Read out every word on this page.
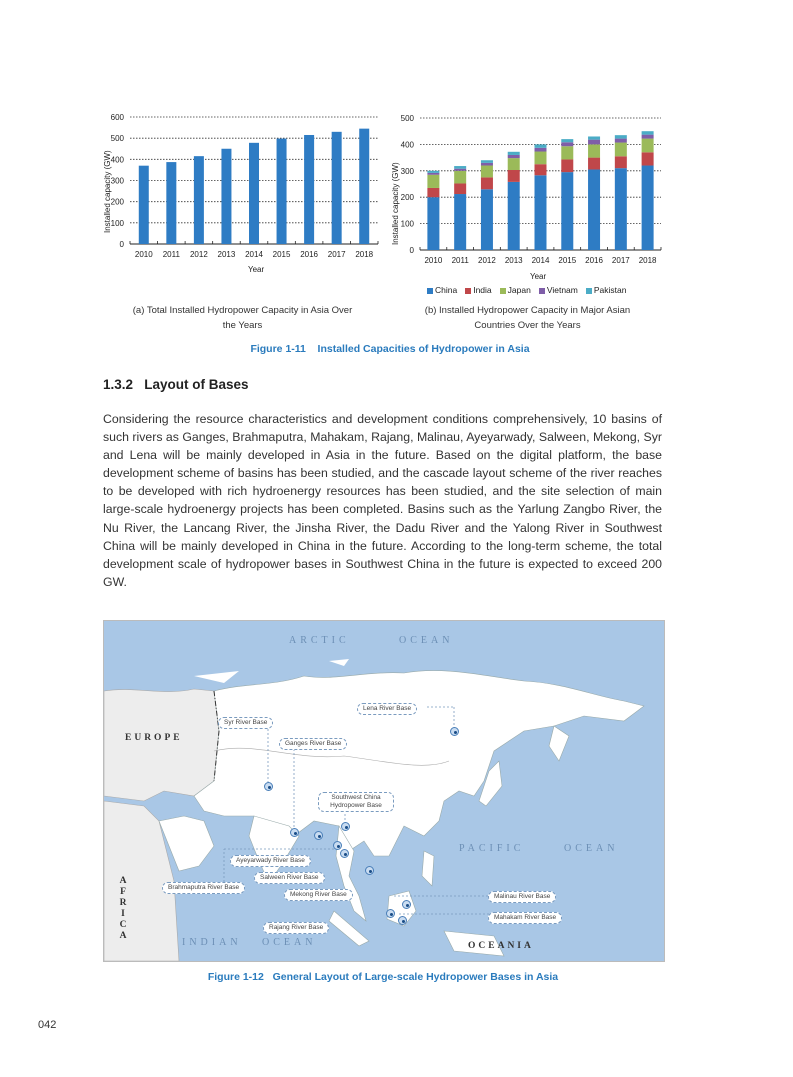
0
100
200
300
400
500
600
2010 2011 2012 2013 2014 2015 2016 2017 2018
Installed capacity (GW)
Year
0
100
200
300
400
500
2010 2011 2012 2013 2014 2015 2016 2017 2018
Installed capacity (GW)
Year
China	India	Japan	Vietnam	Pakistan
(a) Total Installed Hydropower Capacity in Asia Over
the Years
(b) Installed Hydropower Capacity in Major Asian
Countries Over the Years
Figure 1-11    Installed Capacities of Hydropower in Asia
1.3.2   Layout of Bases
Considering the resource characteristics and development conditions comprehensively, 10 basins of such rivers as Ganges, Brahmaputra, Mahakam, Rajang, Malinau, Ayeyarwady, Salween, Mekong, Syr and Lena will be mainly developed in Asia in the future. Based on the digital platform, the base development scheme of basins has been studied, and the cascade layout scheme of the river reaches to be developed with rich hydroenergy resources has been studied, and the site selection of main large-scale hydroenergy projects has been completed. Basins such as the Yarlung Zangbo River, the Nu River, the Lancang River, the Jinsha River, the Dadu River and the Yalong River in Southwest China will be mainly developed in China in the future. According to the long-term scheme, the total development scale of hydropower bases in Southwest China in the future is expected to exceed 200 GW.
ARCTIC	OCEAN
PACIFIC	OCEAN
INDIAN OCEAN
EUROPE
AFRICA
OCEANIA
Syr River Base
Ganges River Base
Lena River Base
Southwest China Hydropower Base
Ayeyarwady River Base
Salween River Base
Brahmaputra River Base
Mekong River Base
Rajang River Base
Malinau River Base
Mahakam River Base
Figure 1-12   General Layout of Large-scale Hydropower Bases in Asia
042
